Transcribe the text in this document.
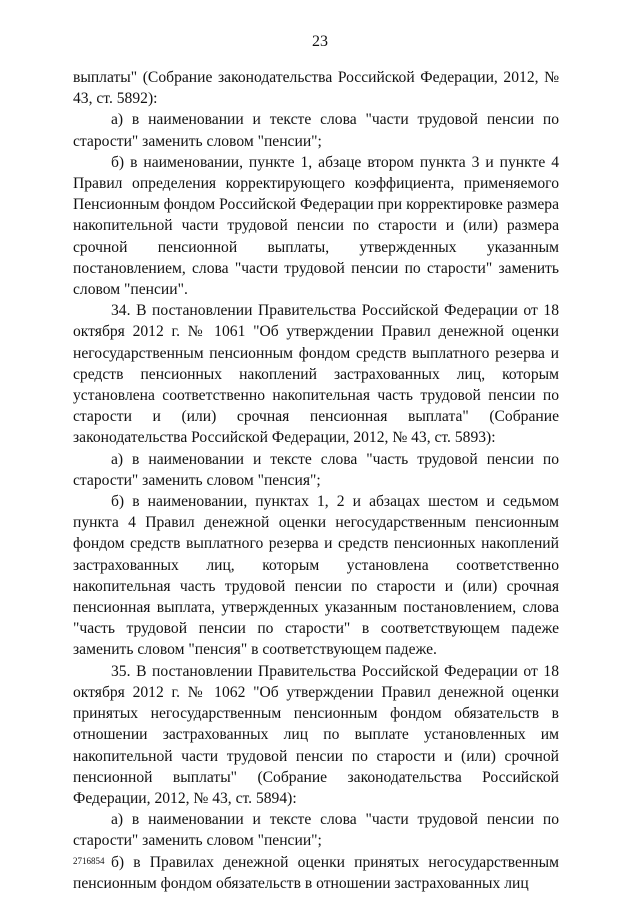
23

выплаты" (Собрание законодательства Российской Федерации, 2012, № 43, ст. 5892):

а) в наименовании и тексте слова "части трудовой пенсии по старости" заменить словом "пенсии";

б) в наименовании, пункте 1, абзаце втором пункта 3 и пункте 4 Правил определения корректирующего коэффициента, применяемого Пенсионным фондом Российской Федерации при корректировке размера накопительной части трудовой пенсии по старости и (или) размера срочной пенсионной выплаты, утвержденных указанным постановлением, слова "части трудовой пенсии по старости" заменить словом "пенсии".

34. В постановлении Правительства Российской Федерации от 18 октября 2012 г. № 1061 "Об утверждении Правил денежной оценки негосударственным пенсионным фондом средств выплатного резерва и средств пенсионных накоплений застрахованных лиц, которым установлена соответственно накопительная часть трудовой пенсии по старости и (или) срочная пенсионная выплата" (Собрание законодательства Российской Федерации, 2012, № 43, ст. 5893):

а) в наименовании и тексте слова "часть трудовой пенсии по старости" заменить словом "пенсия";

б) в наименовании, пунктах 1, 2 и абзацах шестом и седьмом пункта 4 Правил денежной оценки негосударственным пенсионным фондом средств выплатного резерва и средств пенсионных накоплений застрахованных лиц, которым установлена соответственно накопительная часть трудовой пенсии по старости и (или) срочная пенсионная выплата, утвержденных указанным постановлением, слова "часть трудовой пенсии по старости" в соответствующем падеже заменить словом "пенсия" в соответствующем падеже.

35. В постановлении Правительства Российской Федерации от 18 октября 2012 г. № 1062 "Об утверждении Правил денежной оценки принятых негосударственным пенсионным фондом обязательств в отношении застрахованных лиц по выплате установленных им накопительной части трудовой пенсии по старости и (или) срочной пенсионной выплаты" (Собрание законодательства Российской Федерации, 2012, № 43, ст. 5894):

а) в наименовании и тексте слова "части трудовой пенсии по старости" заменить словом "пенсии";

б) в Правилах денежной оценки принятых негосударственным пенсионным фондом обязательств в отношении застрахованных лиц

2716854
